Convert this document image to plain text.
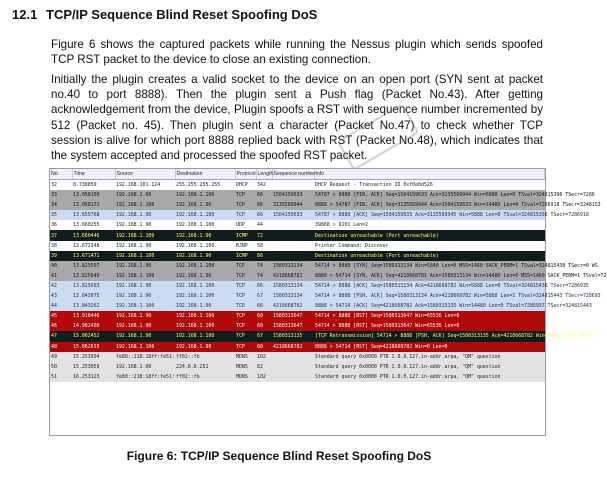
12.1 TCP/IP Sequence Blind Reset Spoofing DoS

Figure 6 shows the captured packets while running the Nessus plugin which sends spoofed TCP RST packet to the device to close an existing connection.

Initially the plugin creates a valid socket to the device on an open port (SYN sent at packet no.40 to port 8888). Then the plugin sent a Push flag (Packet No.43). After getting acknowledgement from the device, Plugin spoofs a RST with sequence number incremented by 512 (Packet no. 45). Then plugin sent a character (Packet No.47) to check whether TCP session is alive for which port 8888 replied back with RST (Packet No.48), which indicates that the system accepted and processed the spoofed RST packet.

No.	Time	Source	Destination	Protocol	Length	Sequence number	Info
32	8.738859	192.168.101.124	255.255.255.255	DHCP	342		DHCP Request - Transaction ID 0xf0e0d526
33	13.058150	192.168.1.90	192.168.1.100	TCP	66	1504159633	54787 > 8888 [FIN, ACK] Seq=1504159633 Ack=3135569944 Win=5888 Len=0 TSval=324815396 TSecr=7286
34	13.058171	192.168.1.100	192.168.1.90	TCP	66	3135569944	8888 > 54787 [FIN, ACK] Seq=3135569944 Ack=1504159633 Win=14480 Len=0 TSval=7286918 TSecr=3248153
35	13.655768	192.168.1.90	192.168.1.100	TCP	66	1504159633	54787 > 8888 [ACK] Seq=1504159633 Ack=3135569945 Win=5888 Len=0 TSval=324815396 TSecr=7286918
36	13.660255	192.168.1.90	192.168.1.100	UDP	44		39868 > 9101 Len=2
37	13.660446	192.168.1.100	192.168.1.90	ICMP	72		Destination unreachable (Port unreachable)
38	13.671348	192.168.1.90	192.168.1.100	BJNP	58		Printer Command: Discover
39	13.671471	192.168.1.100	192.168.1.90	ICMP	86		Destination unreachable (Port unreachable)
40	13.825597	192.168.1.90	192.168.1.100	TCP	74	1580313134	54714 > 8888 [SYN] Seq=1580313134 Win=5840 Len=0 MSS=1460 SACK_PERM=1 TSval=324815438 TSecr=0 WS
41	13.825645	192.168.1.100	192.168.1.90	TCP	74	4218668781	8888 > 54714 [SYN, ACK] Seq=4218668781 Ack=1580313134 Win=14480 Len=0 MSS=1460 SACK_PERM=1 TSval=72
42	13.825683	192.168.1.90	192.168.1.100	TCP	66	1580313134	54714 > 8888 [ACK] Seq=1580313134 Ack=4218668782 Win=5888 Len=0 TSval=324815438 TSecr=7286935
43	13.843075	192.168.1.90	192.168.1.100	TCP	67	1580313134	54714 > 8888 [PSH, ACK] Seq=1580313134 Ack=4218668782 Win=5888 Len=1 TSval=324815443 TSecr=728693
44	13.843262	192.168.1.100	192.168.1.90	TCP	66	4218668782	8888 > 54714 [ACK] Seq=4218668782 Ack=1580313135 Win=14480 Len=0 TSval=7286937 TSecr=324815443
45	13.918446	192.168.1.90	192.168.1.100	TCP	60	1580313647	54714 > 8888 [RST] Seq=1580313647 Win=65536 Len=0
46	14.982408	192.168.1.90	192.168.1.100	TCP	60	1580313647	54714 > 8888 [RST] Seq=1580313647 Win=65536 Len=0
47	15.062452	192.168.1.90	192.168.1.100	TCP	67	1580313135	[TCP Retransmission] 54714 > 8888 [PSH, ACK] Seq=1580313135 Ack=4218668782 Win=5888 Len=1 TSval=
48	15.062655	192.168.1.100	192.168.1.90	TCP	60	4218668782	8888 > 54714 [RST] Seq=4218668782 Win=0 Len=0
49	15.253994	fe80::218:18ff:fe51:	ff02::fb	MDNS	102		Standard query 0x0000 PTR 1.0.0.127.in-addr.arpa, "QM" question
50	15.253059	192.168.1.90	224.0.0.251	MDNS	82		Standard query 0x0000 PTR 1.0.0.127.in-addr.arpa, "QM" question
51	16.253123	fe80::218:18ff:fe51:	ff02::fb	MDNS	102		Standard query 0x0000 PTR 1.0.0.127.in-addr.arpa, "QM" question
Figure 6: TCP/IP Sequence Blind Reset Spoofing DoS
